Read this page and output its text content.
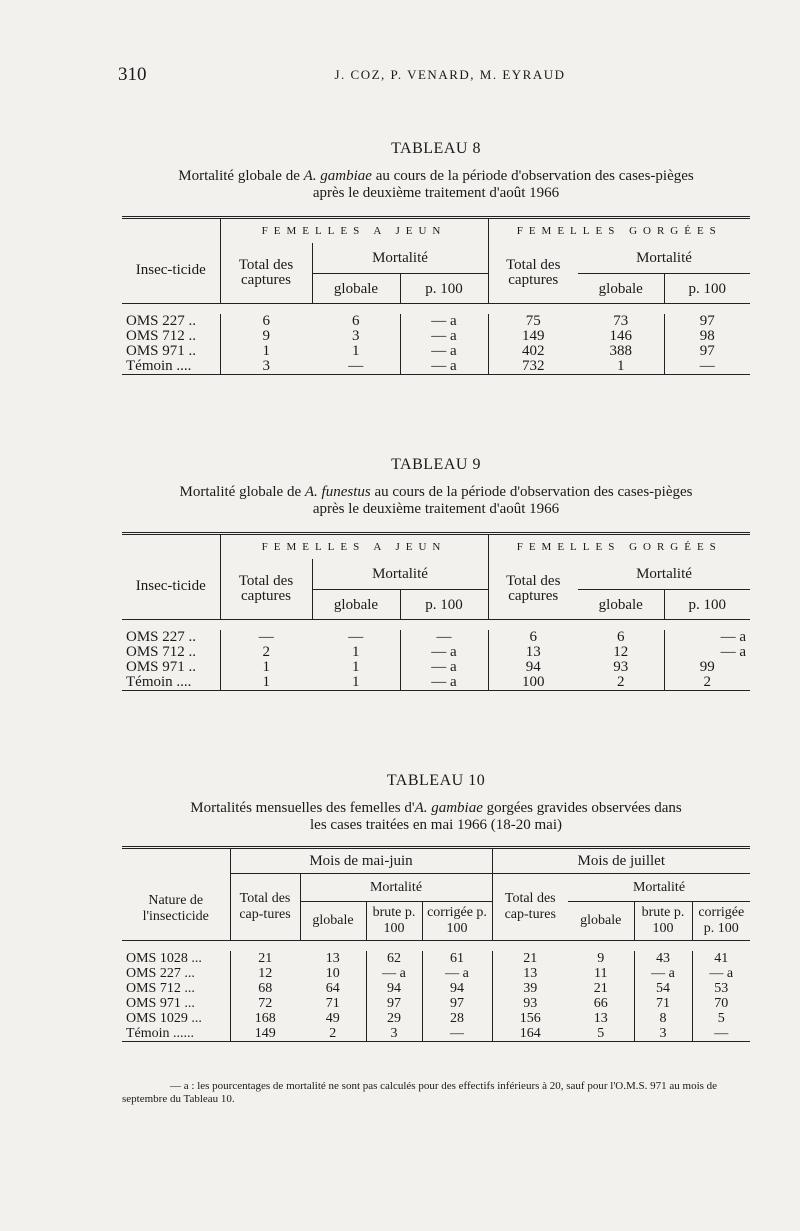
310	J. COZ, P. VENARD, M. EYRAUD
TABLEAU 8
Mortalité globale de A. gambiae au cours de la période d'observation des cases-pièges
après le deuxième traitement d'août 1966
Insec-ticide	FEMELLES A JEUN			FEMELLES GORGÉES		
	Total des captures	Mortalité		Total des captures	Mortalité	
		globale	p. 100		globale	p. 100

OMS 227 ..	6	6	— a	75	73	97
OMS 712 ..	9	3	— a	149	146	98
OMS 971 ..	1	1	— a	402	388	97
Témoin ....	3	—	— a	732	1	—
TABLEAU 9
Mortalité globale de A. funestus au cours de la période d'observation des cases-pièges
après le deuxième traitement d'août 1966
Insec-ticide	FEMELLES A JEUN			FEMELLES GORGÉES		
	Total des captures	Mortalité		Total des captures	Mortalité	
		globale	p. 100		globale	p. 100

OMS 227 ..	—	—	—	6	6	— a
OMS 712 ..	2	1	— a	13	12	— a
OMS 971 ..	1	1	— a	94	93	99
Témoin ....	1	1	— a	100	2	2
TABLEAU 10
Mortalités mensuelles des femelles d'A. gambiae gorgées gravides observées dans
les cases traitées en mai 1966 (18-20 mai)
Nature de l'insecticide	Mois de mai-juin				Mois de juillet			
	Total des cap-tures	Mortalité			Total des cap-tures	Mortalité		
		globale	brute p. 100	corrigée p. 100		globale	brute p. 100	corrigée p. 100

OMS 1028 ...	21	13	62	61	21	9	43	41
OMS 227 ...	12	10	— a	— a	13	11	— a	— a
OMS 712 ...	68	64	94	94	39	21	54	53
OMS 971 ...	72	71	97	97	93	66	71	70
OMS 1029 ...	168	49	29	28	156	13	8	5
Témoin ......	149	2	3	—	164	5	3	—
— a : les pourcentages de mortalité ne sont pas calculés pour des effectifs inférieurs à 20, sauf pour l'O.M.S. 971 au mois de septembre du Tableau 10.
